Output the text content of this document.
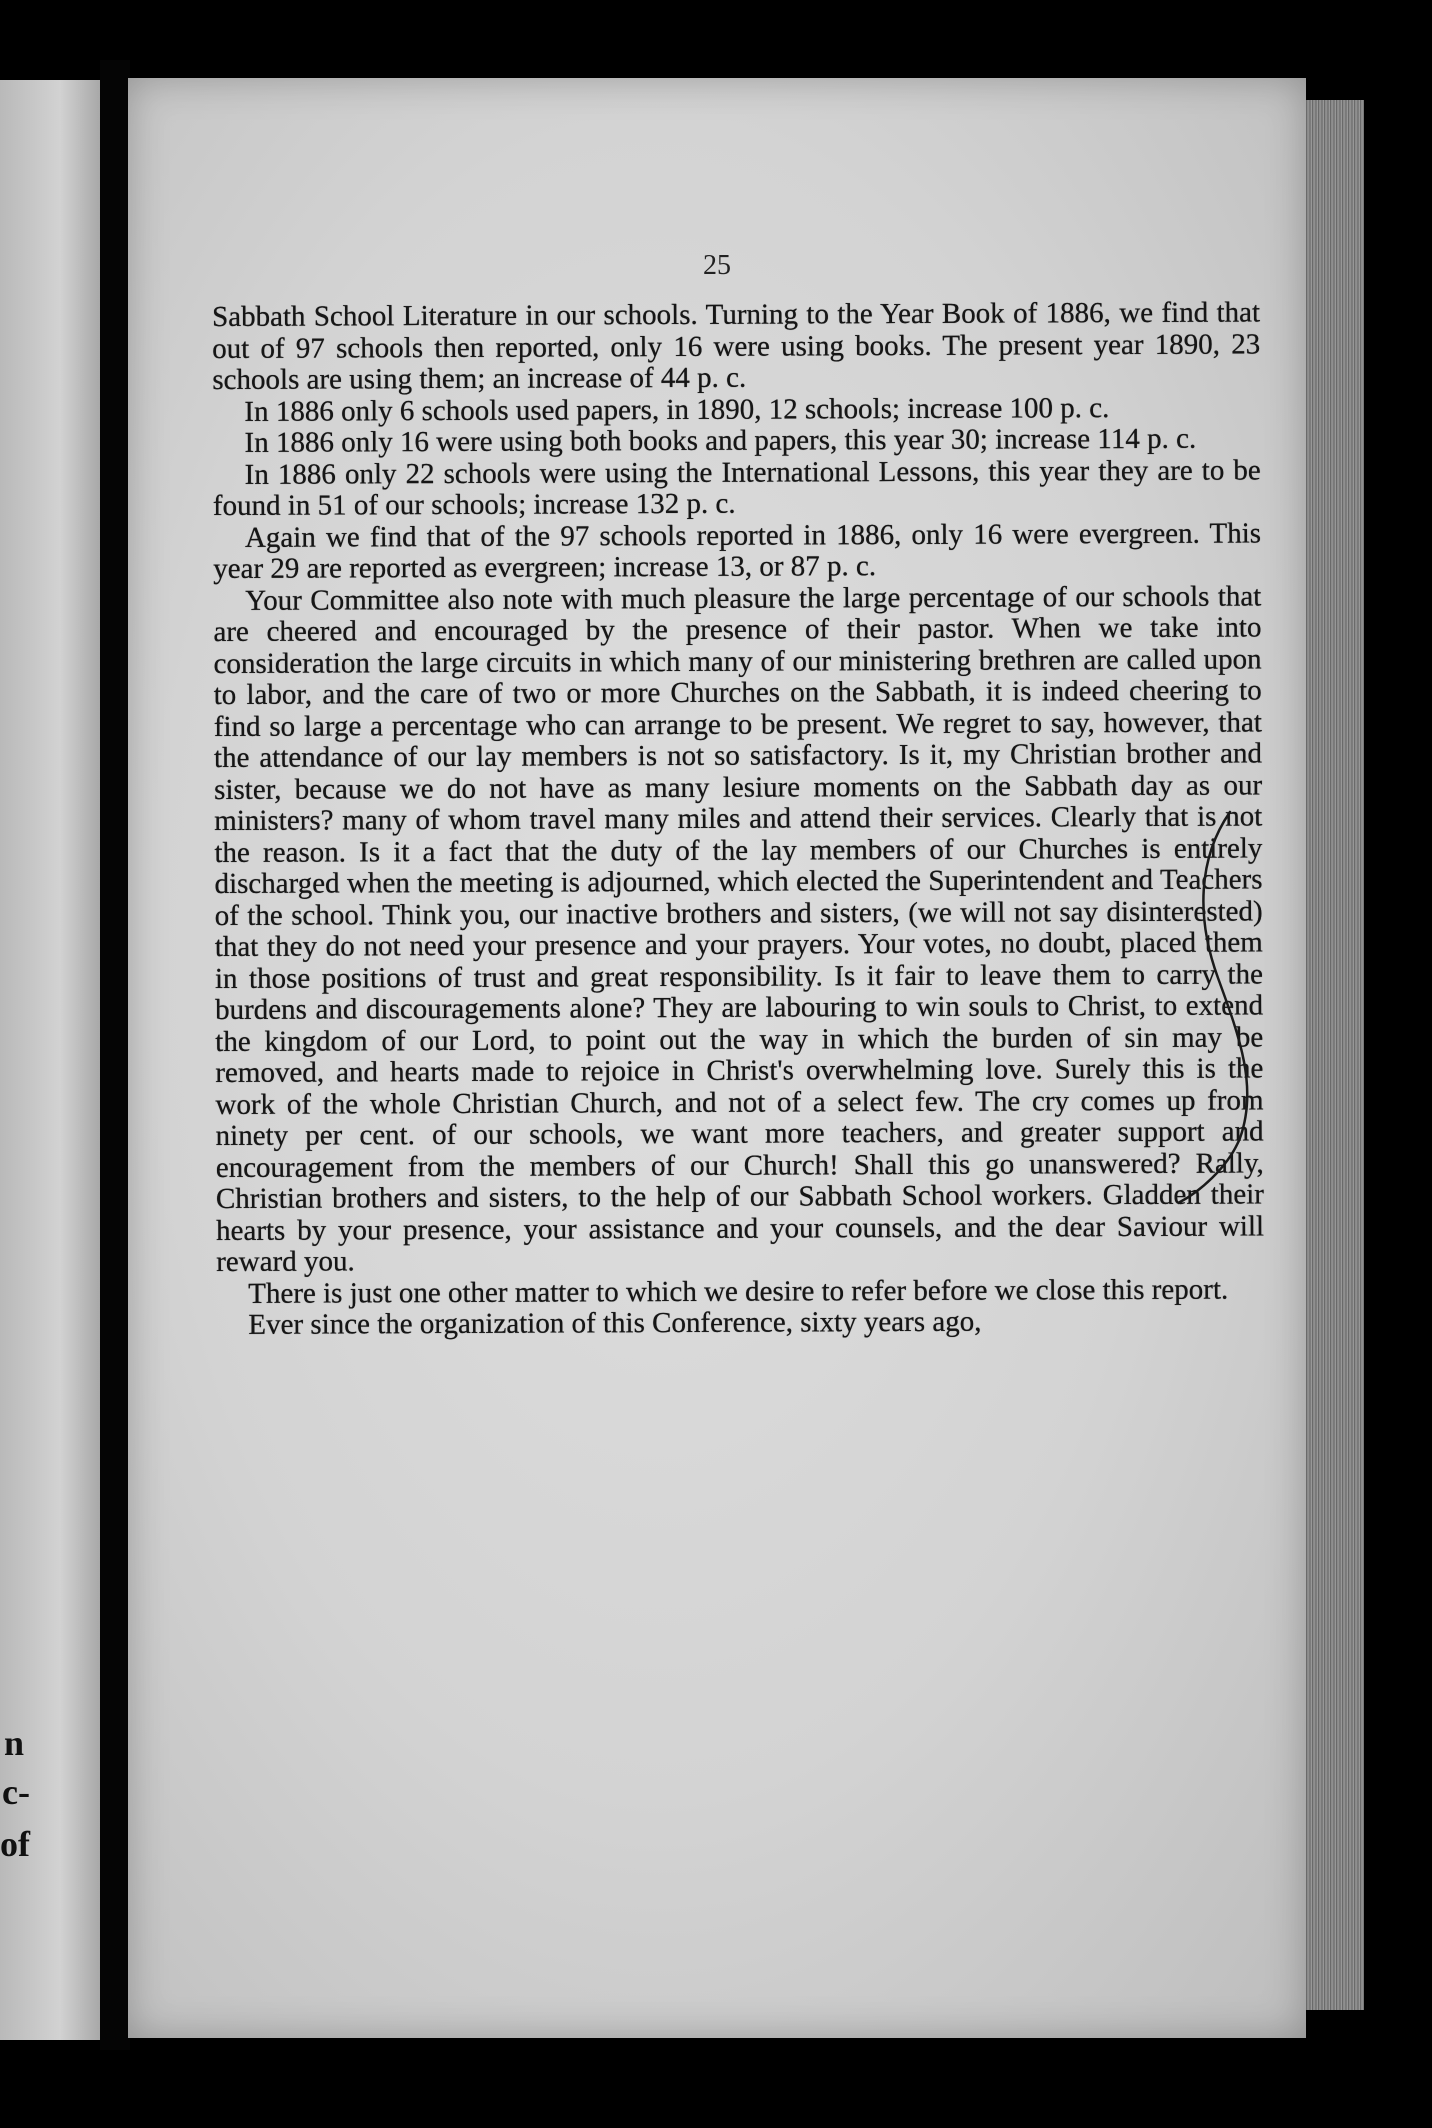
n
c-
of
25

Sabbath School Literature in our schools. Turning to the Year Book of 1886, we find that out of 97 schools then reported, only 16 were using books. The present year 1890, 23 schools are using them; an increase of 44 p. c.

In 1886 only 6 schools used papers, in 1890, 12 schools; increase 100 p. c.

In 1886 only 16 were using both books and papers, this year 30; increase 114 p. c.

In 1886 only 22 schools were using the International Lessons, this year they are to be found in 51 of our schools; increase 132 p. c.

Again we find that of the 97 schools reported in 1886, only 16 were evergreen. This year 29 are reported as evergreen; increase 13, or 87 p. c.

Your Committee also note with much pleasure the large percentage of our schools that are cheered and encouraged by the presence of their pastor. When we take into consideration the large circuits in which many of our ministering brethren are called upon to labor, and the care of two or more Churches on the Sabbath, it is indeed cheering to find so large a percentage who can arrange to be present. We regret to say, however, that the attendance of our lay members is not so satisfactory. Is it, my Christian brother and sister, because we do not have as many lesiure moments on the Sabbath day as our ministers? many of whom travel many miles and attend their services. Clearly that is not the reason. Is it a fact that the duty of the lay members of our Churches is entirely discharged when the meeting is adjourned, which elected the Superintendent and Teachers of the school. Think you, our inactive brothers and sisters, (we will not say disinterested) that they do not need your presence and your prayers. Your votes, no doubt, placed them in those positions of trust and great responsibility. Is it fair to leave them to carry the burdens and discouragements alone? They are labouring to win souls to Christ, to extend the kingdom of our Lord, to point out the way in which the burden of sin may be removed, and hearts made to rejoice in Christ's overwhelming love. Surely this is the work of the whole Christian Church, and not of a select few. The cry comes up from ninety per cent. of our schools, we want more teachers, and greater support and encouragement from the members of our Church! Shall this go unanswered? Rally, Christian brothers and sisters, to the help of our Sabbath School workers. Gladden their hearts by your presence, your assistance and your counsels, and the dear Saviour will reward you.

There is just one other matter to which we desire to refer before we close this report.

Ever since the organization of this Conference, sixty years ago,
